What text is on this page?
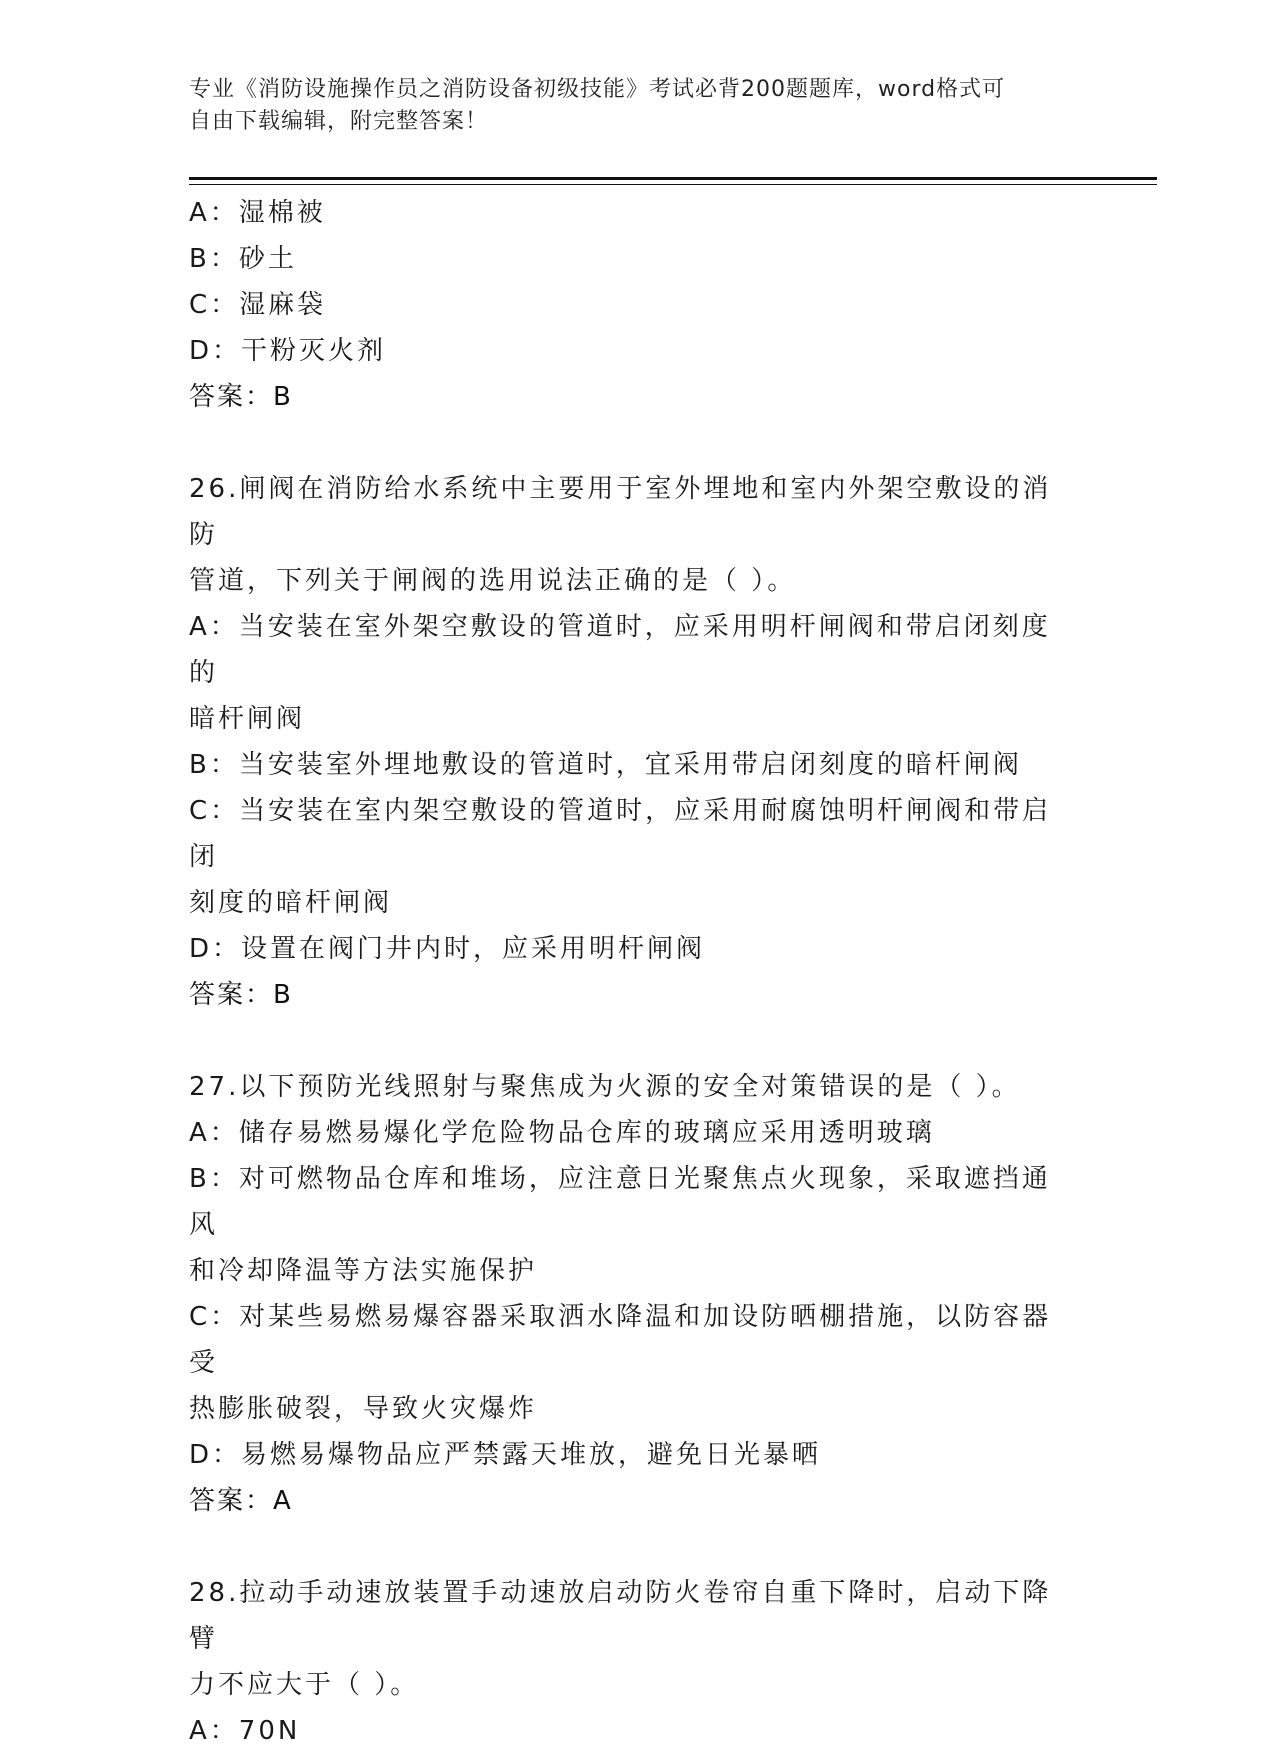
专业《消防设施操作员之消防设备初级技能》考试必背200题题库，word格式可
自由下载编辑，附完整答案！
A：湿棉被
B：砂土
C：湿麻袋
D：干粉灭火剂
答案：B
26.闸阀在消防给水系统中主要用于室外埋地和室内外架空敷设的消防
管道，下列关于闸阀的选用说法正确的是（ ）。
A：当安装在室外架空敷设的管道时，应采用明杆闸阀和带启闭刻度的
暗杆闸阀
B：当安装室外埋地敷设的管道时，宜采用带启闭刻度的暗杆闸阀
C：当安装在室内架空敷设的管道时，应采用耐腐蚀明杆闸阀和带启闭
刻度的暗杆闸阀
D：设置在阀门井内时，应采用明杆闸阀
答案：B
27.以下预防光线照射与聚焦成为火源的安全对策错误的是（ ）。
A：储存易燃易爆化学危险物品仓库的玻璃应采用透明玻璃
B：对可燃物品仓库和堆场，应注意日光聚焦点火现象，采取遮挡通风
和冷却降温等方法实施保护
C：对某些易燃易爆容器采取洒水降温和加设防晒棚措施，以防容器受
热膨胀破裂，导致火灾爆炸
D：易燃易爆物品应严禁露天堆放，避免日光暴晒
答案：A
28.拉动手动速放装置手动速放启动防火卷帘自重下降时，启动下降臂
力不应大于（ ）。
A：70N
